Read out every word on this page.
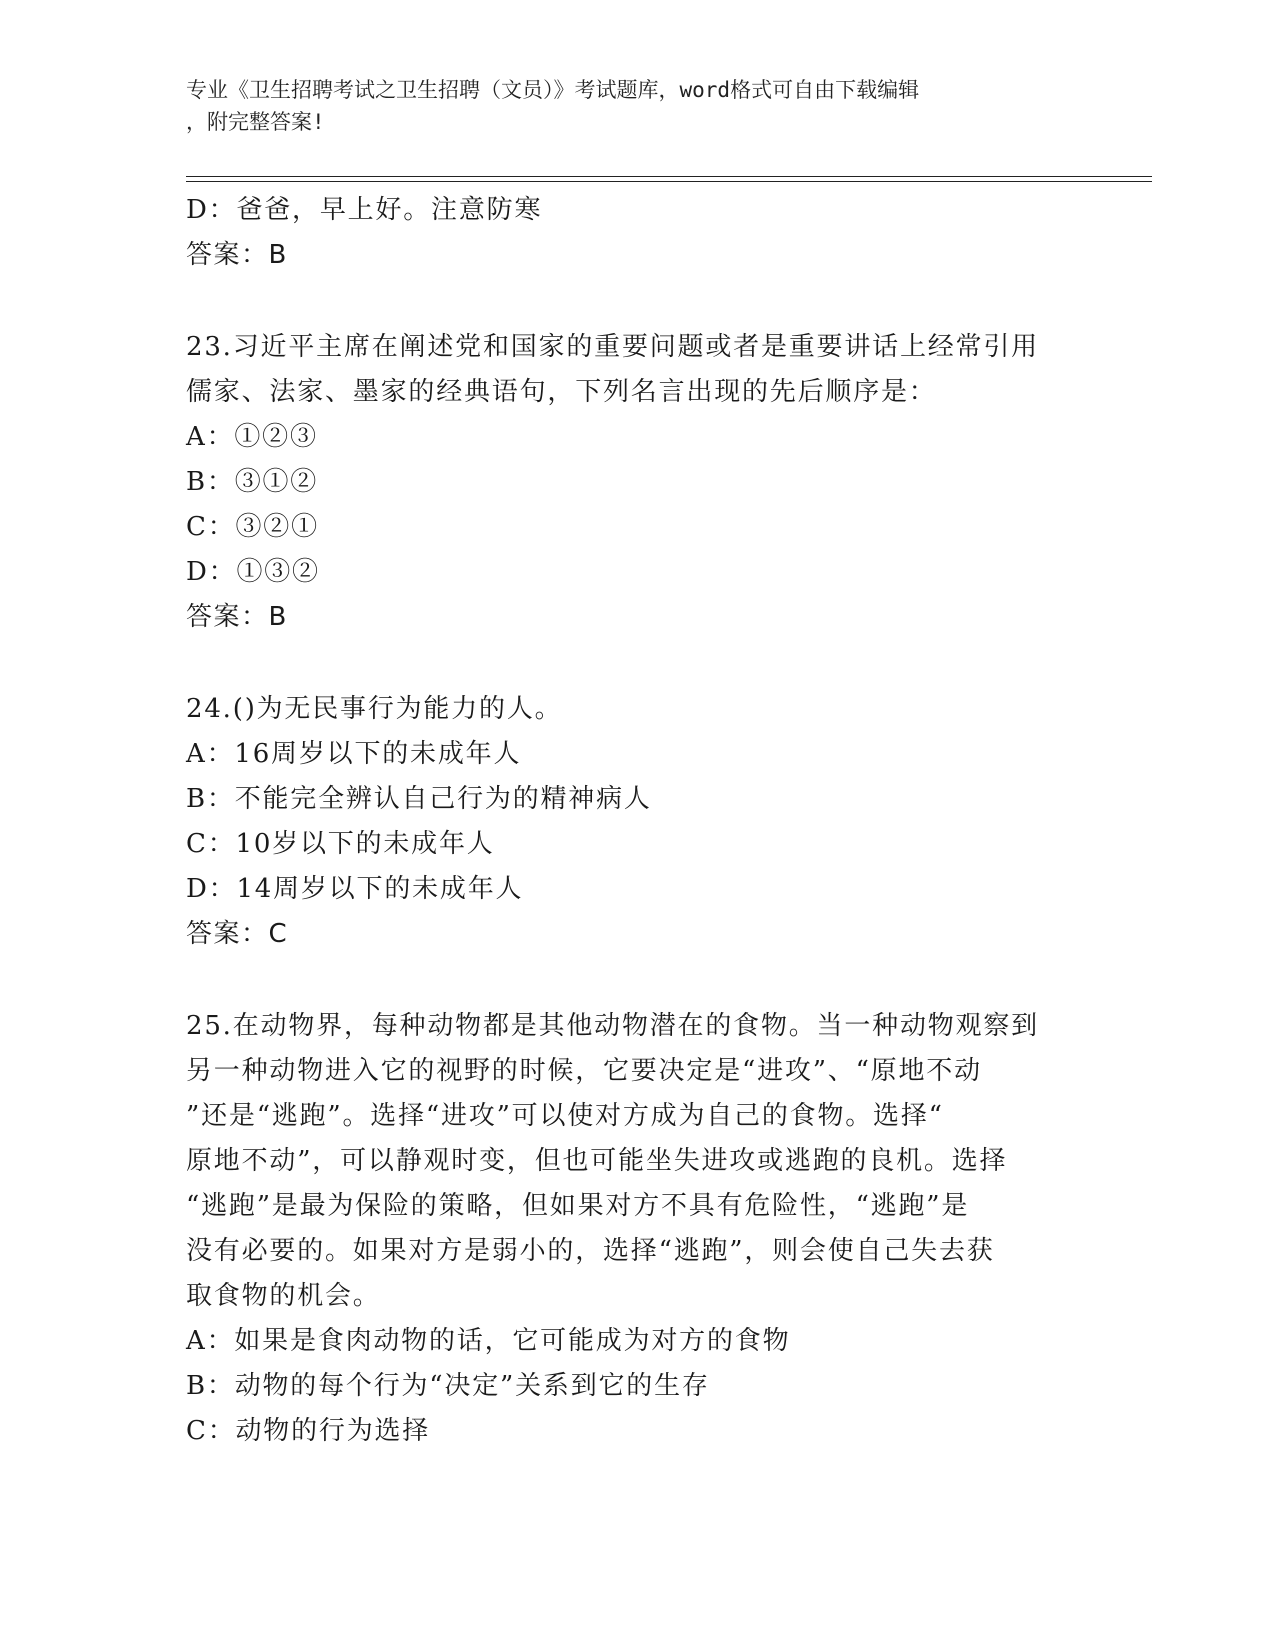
专业《卫生招聘考试之卫生招聘（文员）》考试题库，word格式可自由下载编辑

，附完整答案!

D：爸爸，早上好。注意防寒
答案：B
23.习近平主席在阐述党和国家的重要问题或者是重要讲话上经常引用
儒家、法家、墨家的经典语句，下列名言出现的先后顺序是：
A：①②③
B：③①②
C：③②①
D：①③②
答案：B
24.()为无民事行为能力的人。
A：16周岁以下的未成年人
B：不能完全辨认自己行为的精神病人
C：10岁以下的未成年人
D：14周岁以下的未成年人
答案：C
25.在动物界，每种动物都是其他动物潜在的食物。当一种动物观察到
另一种动物进入它的视野的时候，它要决定是“进攻”、“原地不动
”还是“逃跑”。选择“进攻”可以使对方成为自己的食物。选择“
原地不动”，可以静观时变，但也可能坐失进攻或逃跑的良机。选择
“逃跑”是最为保险的策略，但如果对方不具有危险性，“逃跑”是
没有必要的。如果对方是弱小的，选择“逃跑”，则会使自己失去获
取食物的机会。
A：如果是食肉动物的话，它可能成为对方的食物
B：动物的每个行为“决定”关系到它的生存
C：动物的行为选择
